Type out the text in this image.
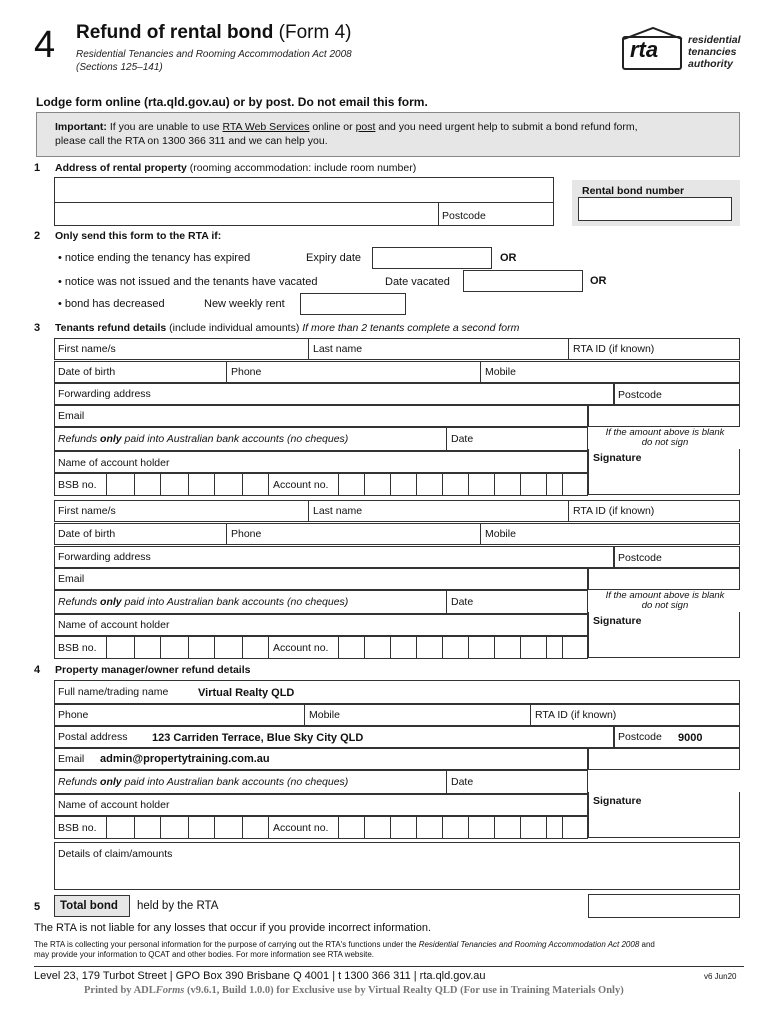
4 Refund of rental bond (Form 4)
Residential Tenancies and Rooming Accommodation Act 2008
(Sections 125–141)
rta	residential
tenancies
authority
Lodge form online (rta.qld.gov.au) or by post. Do not email this form.
Important: If you are unable to use RTA Web Services online or post and you need urgent help to submit a bond refund form,
please call the RTA on 1300 366 311 and we can help you.
1 Address of rental property (rooming accommodation: include room number)
Postcode
Rental bond number
2 Only send this form to the RTA if:
• notice ending the tenancy has expired	Expiry date	OR
• notice was not issued and the tenants have vacated	Date vacated	OR
• bond has decreased	New weekly rent
3 Tenants refund details (include individual amounts) If more than 2 tenants complete a second form
First name/s	Last name	RTA ID (if known)
Date of birth	Phone	Mobile
Forwarding address	Postcode
Email
Refunds only paid into Australian bank accounts (no cheques)	Date
If the amount above is blank
do not sign
Name of account holder	Signature
BSB no.	Account no.
First name/s	Last name	RTA ID (if known)
Date of birth	Phone	Mobile
Forwarding address	Postcode
Email
Refunds only paid into Australian bank accounts (no cheques)	Date
If the amount above is blank
do not sign
Name of account holder	Signature
BSB no.	Account no.
4 Property manager/owner refund details
Full name/trading name	Virtual Realty QLD
Phone	Mobile	RTA ID (if known)
Postal address 123 Carriden Terrace, Blue Sky City QLD	Postcode 9000
Email admin@propertytraining.com.au
Refunds only paid into Australian bank accounts (no cheques)	Date
Name of account holder	Signature
BSB no.	Account no.
Details of claim/amounts
5 Total bond held by the RTA
The RTA is not liable for any losses that occur if you provide incorrect information.
The RTA is collecting your personal information for the purpose of carrying out the RTA's functions under the Residential Tenancies and Rooming Accommodation Act 2008 and
may provide your information to QCAT and other bodies. For more information see RTA website.
Level 23, 179 Turbot Street | GPO Box 390 Brisbane Q 4001 | t 1300 366 311 | rta.qld.gov.au	v6 Jun20
Printed by ADLForms (v9.6.1, Build 1.0.0) for Exclusive use by Virtual Realty QLD (For use in Training Materials Only)
